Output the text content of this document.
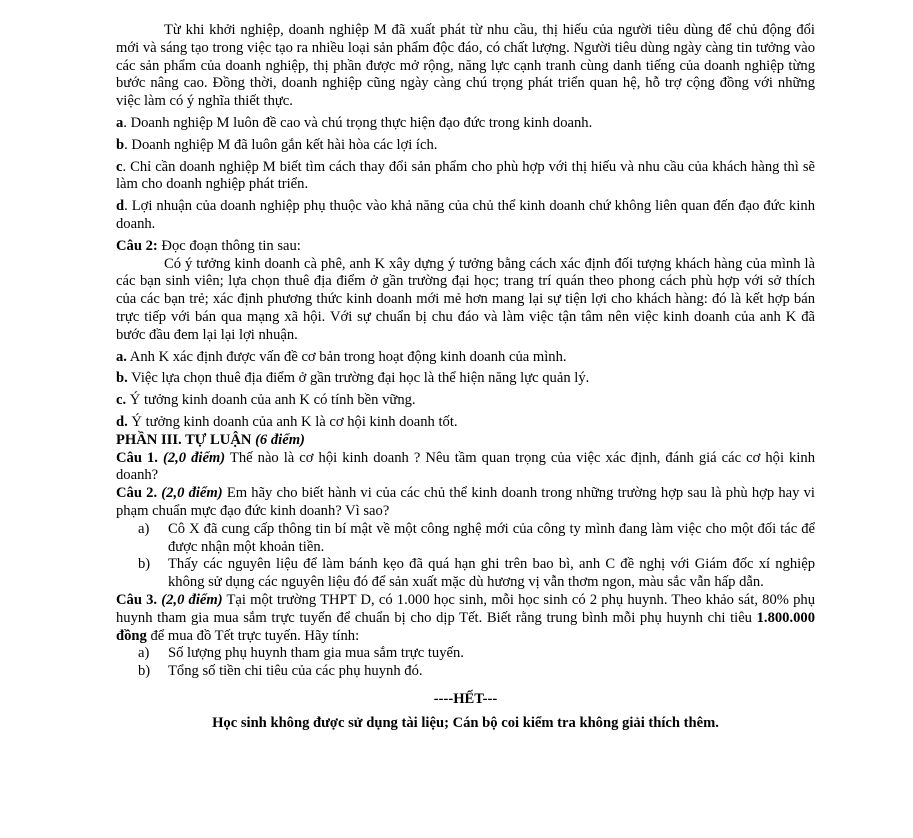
Từ khi khởi nghiệp, doanh nghiệp M đã xuất phát từ nhu cầu, thị hiếu của người tiêu dùng để chủ động đổi mới và sáng tạo trong việc tạo ra nhiều loại sản phẩm độc đáo, có chất lượng. Người tiêu dùng ngày càng tin tưởng vào các sản phẩm của doanh nghiệp, thị phần được mở rộng, năng lực cạnh tranh cùng danh tiếng của doanh nghiệp từng bước nâng cao. Đồng thời, doanh nghiệp cũng ngày càng chú trọng phát triển quan hệ, hỗ trợ cộng đồng với những việc làm có ý nghĩa thiết thực.

a. Doanh nghiệp M luôn đề cao và chú trọng thực hiện đạo đức trong kinh doanh.

b. Doanh nghiệp M đã luôn gắn kết hài hòa các lợi ích.

c. Chỉ cần doanh nghiệp M biết tìm cách thay đổi sản phẩm cho phù hợp với thị hiếu và nhu cầu của khách hàng thì sẽ làm cho doanh nghiệp phát triển.

d. Lợi nhuận của doanh nghiệp phụ thuộc vào khả năng của chủ thể kinh doanh chứ không liên quan đến đạo đức kinh doanh.

Câu 2: Đọc đoạn thông tin sau:

Có ý tưởng kinh doanh cà phê, anh K xây dựng ý tưởng bằng cách xác định đối tượng khách hàng của mình là các bạn sinh viên; lựa chọn thuê địa điểm ở gần trường đại học; trang trí quán theo phong cách phù hợp với sở thích của các bạn trẻ; xác định phương thức kinh doanh mới mẻ hơn mang lại sự tiện lợi cho khách hàng: đó là kết hợp bán trực tiếp với bán qua mạng xã hội. Với sự chuẩn bị chu đáo và làm việc tận tâm nên việc kinh doanh của anh K đã bước đầu đem lại lại lợi nhuận.

a. Anh K xác định được vấn đề cơ bản trong hoạt động kinh doanh của mình.

b. Việc lựa chọn thuê địa điểm ở gần trường đại học là thể hiện năng lực quản lý.

c. Ý tưởng kinh doanh của anh K có tính bền vững.

d. Ý tưởng kinh doanh của anh K là cơ hội kinh doanh tốt.

PHẦN III. TỰ LUẬN (6 điểm)

Câu 1. (2,0 điểm) Thế nào là cơ hội kinh doanh ? Nêu tầm quan trọng của việc xác định, đánh giá các cơ hội kinh doanh?

Câu 2. (2,0 điểm) Em hãy cho biết hành vi của các chủ thể kinh doanh trong những trường hợp sau là phù hợp hay vi phạm chuẩn mực đạo đức kinh doanh? Vì sao?

a)	Cô X đã cung cấp thông tin bí mật về một công nghệ mới của công ty mình đang làm việc cho một đối tác để được nhận một khoản tiền.
b)	Thấy các nguyên liệu để làm bánh kẹo đã quá hạn ghi trên bao bì, anh C đề nghị với Giám đốc xí nghiệp không sử dụng các nguyên liệu đó để sản xuất mặc dù hương vị vẫn thơm ngon, màu sắc vẫn hấp dẫn.

Câu 3. (2,0 điểm) Tại một trường THPT D, có 1.000 học sinh, mỗi học sinh có 2 phụ huynh. Theo khảo sát, 80% phụ huynh tham gia mua sắm trực tuyến để chuẩn bị cho dịp Tết. Biết rằng trung bình mỗi phụ huynh chi tiêu 1.800.000 đồng để mua đồ Tết trực tuyến. Hãy tính:

a)	Số lượng phụ huynh tham gia mua sắm trực tuyến.
b)	Tổng số tiền chi tiêu của các phụ huynh đó.

----HẾT---

Học sinh không được sử dụng tài liệu; Cán bộ coi kiểm tra không giải thích thêm.
